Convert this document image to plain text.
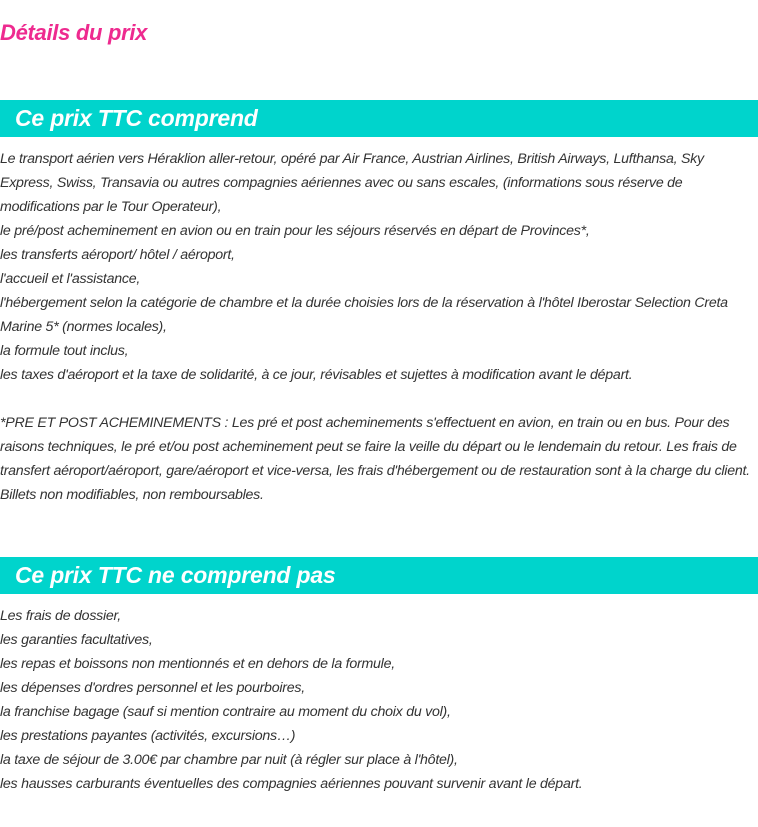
Détails du prix
Ce prix TTC comprend

Le transport aérien vers Héraklion aller-retour, opéré par Air France, Austrian Airlines, British Airways, Lufthansa, Sky Express, Swiss, Transavia ou autres compagnies aériennes avec ou sans escales, (informations sous réserve de modifications par le Tour Operateur),

le pré/post acheminement en avion ou en train pour les séjours réservés en départ de Provinces*,

les transferts aéroport/ hôtel / aéroport,

l'accueil et l'assistance,

l'hébergement selon la catégorie de chambre et la durée choisies lors de la réservation à l'hôtel Iberostar Selection Creta Marine 5* (normes locales),

la formule tout inclus,

les taxes d'aéroport et la taxe de solidarité, à ce jour, révisables et sujettes à modification avant le départ.

*PRE ET POST ACHEMINEMENTS : Les pré et post acheminements s'effectuent en avion, en train ou en bus. Pour des raisons techniques, le pré et/ou post acheminement peut se faire la veille du départ ou le lendemain du retour. Les frais de transfert aéroport/aéroport, gare/aéroport et vice-versa, les frais d'hébergement ou de restauration sont à la charge du client. Billets non modifiables, non remboursables.

Ce prix TTC ne comprend pas

Les frais de dossier,

les garanties facultatives,

les repas et boissons non mentionnés et en dehors de la formule,

les dépenses d'ordres personnel et les pourboires,

la franchise bagage (sauf si mention contraire au moment du choix du vol),

les prestations payantes (activités, excursions…)

la taxe de séjour de 3.00€ par chambre par nuit (à régler sur place à l'hôtel),

les hausses carburants éventuelles des compagnies aériennes pouvant survenir avant le départ.
